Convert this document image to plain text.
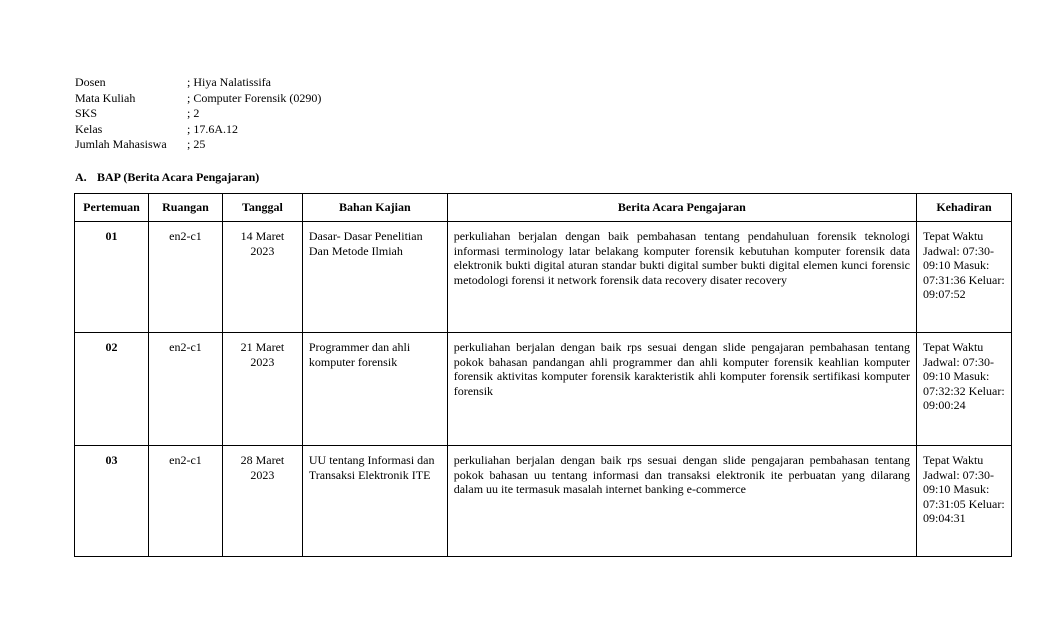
Dosen	; Hiya Nalatissifa
Mata Kuliah	; Computer Forensik (0290)
SKS	; 2
Kelas	; 17.6A.12
Jumlah Mahasiswa	; 25
A. BAP (Berita Acara Pengajaran)
Pertemuan	Ruangan	Tanggal	Bahan Kajian	Berita Acara Pengajaran	Kehadiran
01	en2-c1	14 Maret 2023	Dasar- Dasar Penelitian Dan Metode Ilmiah	perkuliahan berjalan dengan baik pembahasan tentang pendahuluan forensik teknologi informasi terminology latar belakang komputer forensik kebutuhan komputer forensik data elektronik bukti digital aturan standar bukti digital sumber bukti digital elemen kunci forensic metodologi forensi it network forensik data recovery disater recovery	Tepat Waktu Jadwal: 07:30-09:10 Masuk: 07:31:36 Keluar: 09:07:52
02	en2-c1	21 Maret 2023	Programmer dan ahli komputer forensik	perkuliahan berjalan dengan baik rps sesuai dengan slide pengajaran pembahasan tentang pokok bahasan pandangan ahli programmer dan ahli komputer forensik keahlian komputer forensik aktivitas komputer forensik karakteristik ahli komputer forensik sertifikasi komputer forensik	Tepat Waktu Jadwal: 07:30-09:10 Masuk: 07:32:32 Keluar: 09:00:24
03	en2-c1	28 Maret 2023	UU tentang Informasi dan Transaksi Elektronik ITE	perkuliahan berjalan dengan baik rps sesuai dengan slide pengajaran pembahasan tentang pokok bahasan uu tentang informasi dan transaksi elektronik ite perbuatan yang dilarang dalam uu ite termasuk masalah internet banking e-commerce	Tepat Waktu Jadwal: 07:30-09:10 Masuk: 07:31:05 Keluar: 09:04:31
